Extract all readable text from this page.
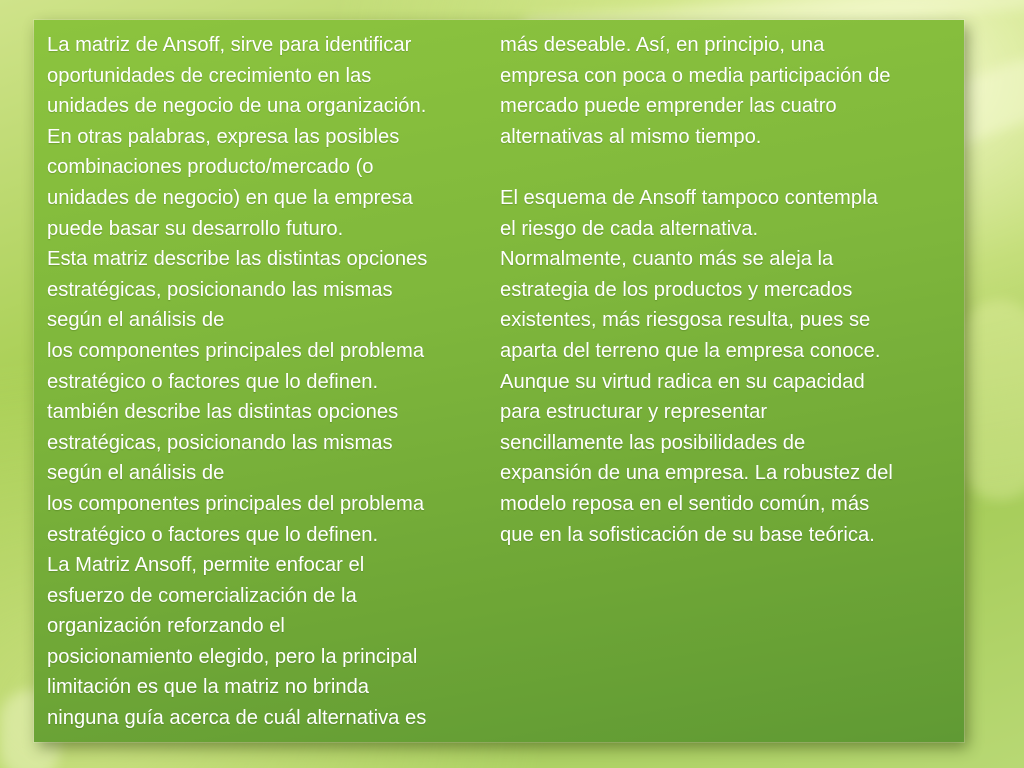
La matriz de Ansoff, sirve para identificar
oportunidades de crecimiento en las
unidades de negocio de una organización.
En otras palabras, expresa las posibles
combinaciones producto/mercado (o
unidades de negocio) en que la empresa
puede basar su desarrollo futuro.

Esta matriz describe las distintas opciones
estratégicas, posicionando las mismas
según el análisis de
los componentes principales del problema
estratégico o factores que lo definen.

también describe las distintas opciones
estratégicas, posicionando las mismas
según el análisis de
los componentes principales del problema
estratégico o factores que lo definen.

La Matriz Ansoff, permite enfocar el
esfuerzo de comercialización de la
organización reforzando el
posicionamiento elegido, pero la principal
limitación es que la matriz no brinda
ninguna guía acerca de cuál alternativa es

más deseable. Así, en principio, una
empresa con poca o media participación de
mercado puede emprender las cuatro
alternativas al mismo tiempo.

El esquema de Ansoff tampoco contempla
el riesgo de cada alternativa.
Normalmente, cuanto más se aleja la
estrategia de los productos y mercados
existentes, más riesgosa resulta, pues se
aparta del terreno que la empresa conoce.
Aunque su virtud radica en su capacidad
para estructurar y representar
sencillamente las posibilidades de
expansión de una empresa. La robustez del
modelo reposa en el sentido común, más
que en la sofisticación de su base teórica.
